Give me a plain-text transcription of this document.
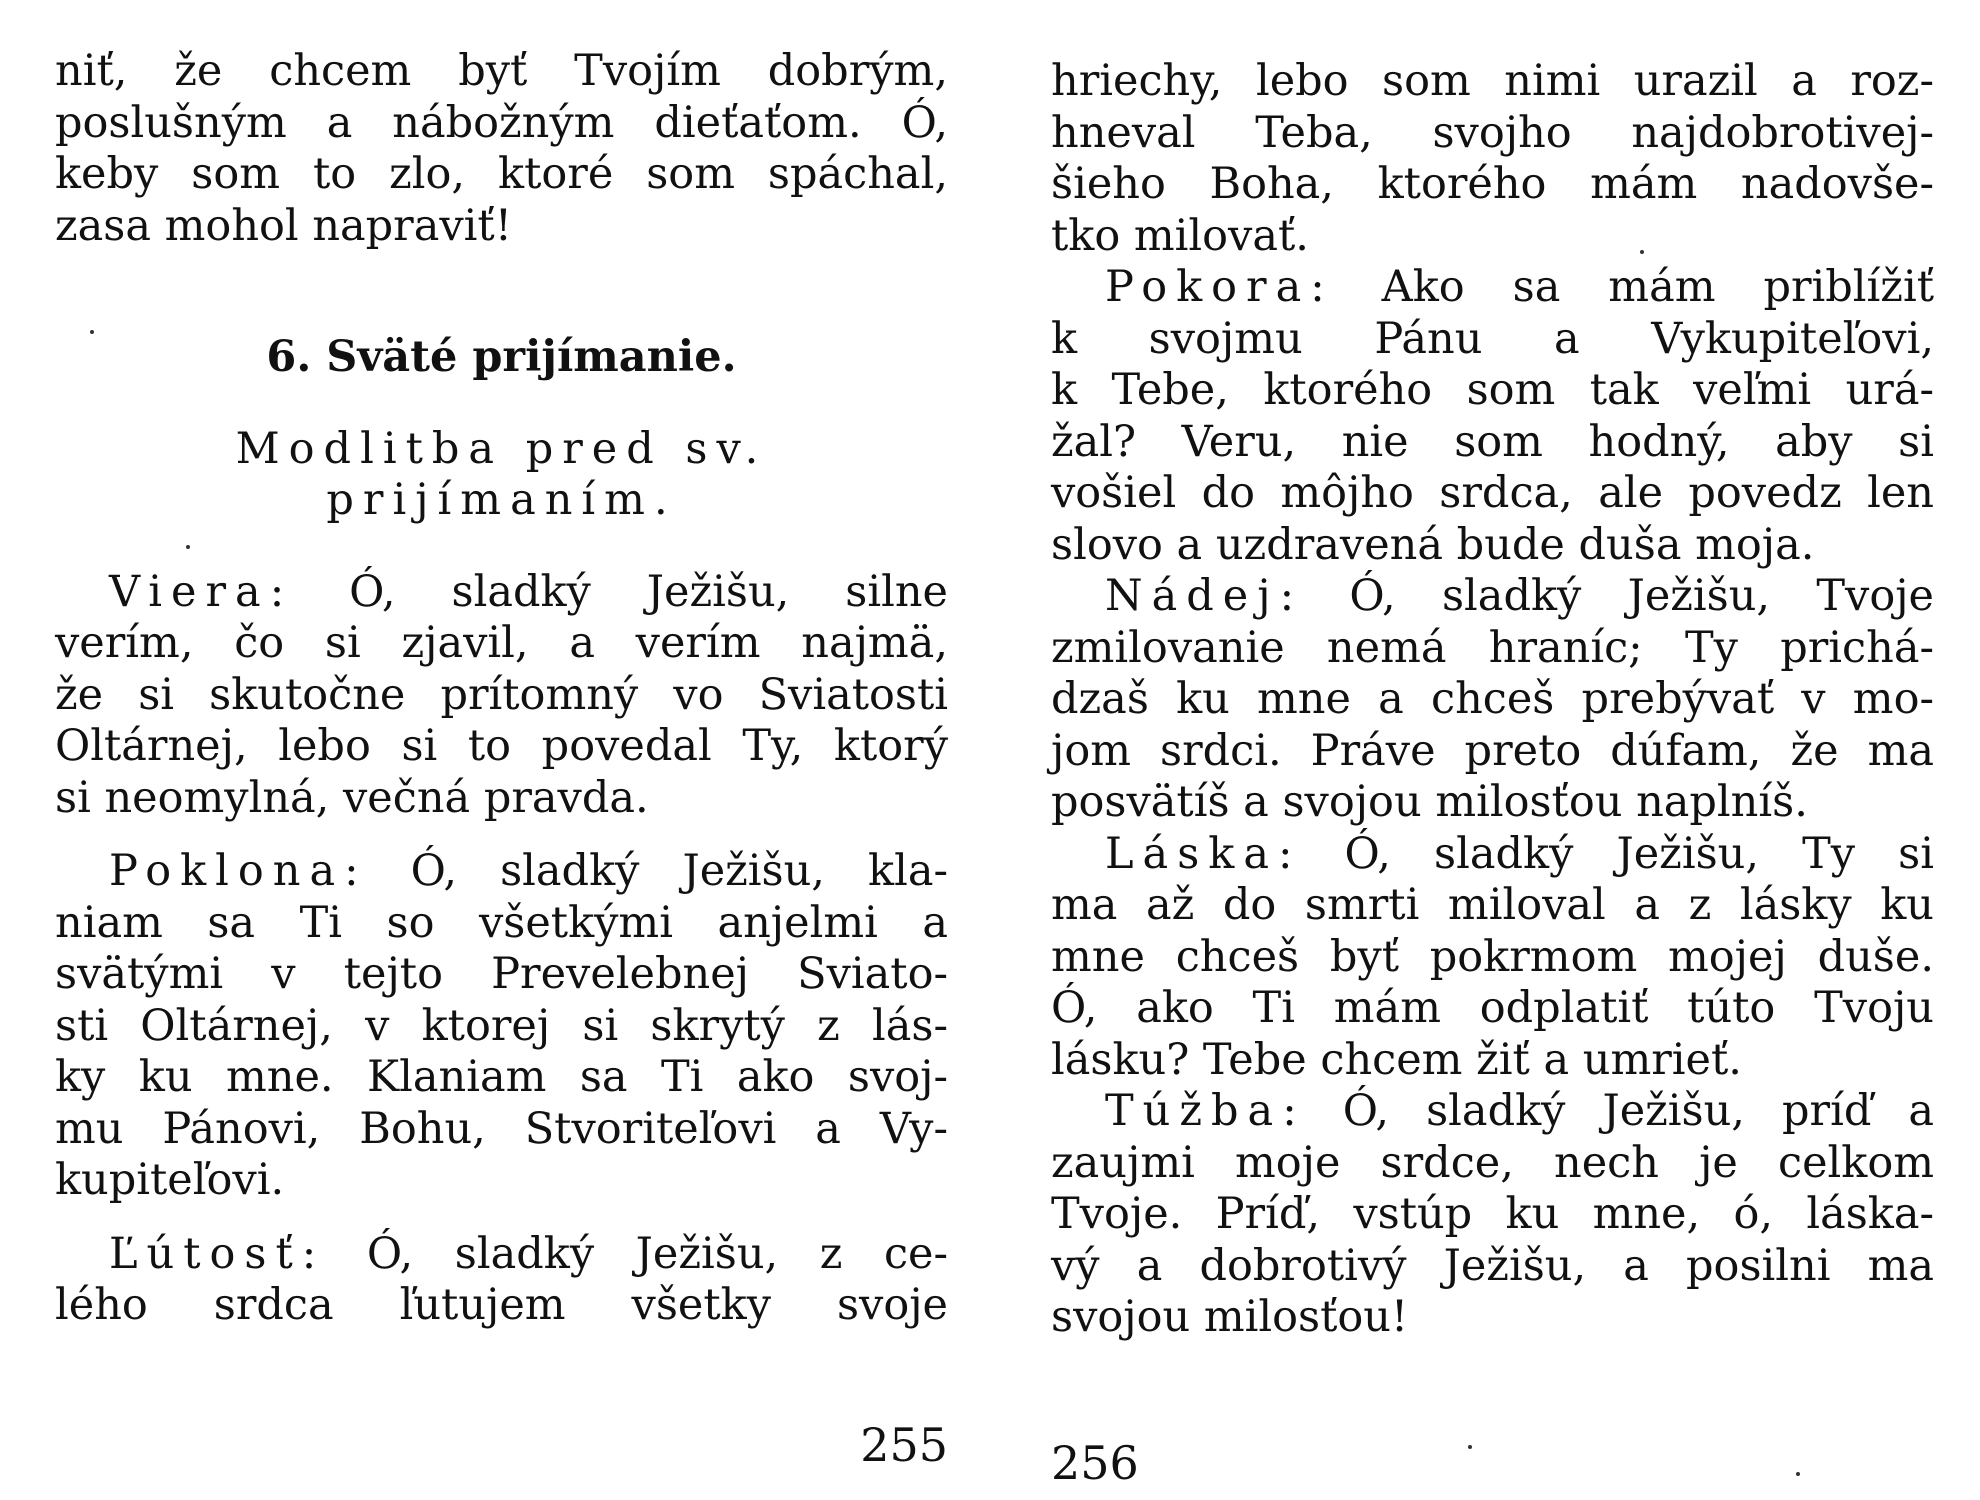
niť, že chcem byť Tvojím dobrým,
poslušným a nábožným dieťaťom. Ó,
keby som to zlo, ktoré som spáchal,
zasa mohol napraviť!
6. Sväté prijímanie.
Modlitba pred sv.
prijímaním.
Viera: Ó, sladký Ježišu, silne
verím, čo si zjavil, a verím najmä,
že si skutočne prítomný vo Sviatosti
Oltárnej, lebo si to povedal Ty, ktorý
si neomylná, večná pravda.
Poklona: Ó, sladký Ježišu, kla-
niam sa Ti so všetkými anjelmi a
svätými v tejto Prevelebnej Sviato-
sti Oltárnej, v ktorej si skrytý z lás-
ky ku mne. Klaniam sa Ti ako svoj-
mu Pánovi, Bohu, Stvoriteľovi a Vy-
kupiteľovi.
Ľútosť: Ó, sladký Ježišu, z ce-
lého srdca ľutujem všetky svoje
255
hriechy, lebo som nimi urazil a roz-
hneval Teba, svojho najdobrotivej-
šieho Boha, ktorého mám nadovše-
tko milovať.
Pokora: Ako sa mám priblížiť
k svojmu Pánu a Vykupiteľovi,
k Tebe, ktorého som tak veľmi urá-
žal? Veru, nie som hodný, aby si
vošiel do môjho srdca, ale povedz len
slovo a uzdravená bude duša moja.
Nádej: Ó, sladký Ježišu, Tvoje
zmilovanie nemá hraníc; Ty prichá-
dzaš ku mne a chceš prebývať v mo-
jom srdci. Práve preto dúfam, že ma
posvätíš a svojou milosťou naplníš.
Láska: Ó, sladký Ježišu, Ty si
ma až do smrti miloval a z lásky ku
mne chceš byť pokrmom mojej duše.
Ó, ako Ti mám odplatiť túto Tvoju
lásku? Tebe chcem žiť a umrieť.
Túžba: Ó, sladký Ježišu, príď a
zaujmi moje srdce, nech je celkom
Tvoje. Príď, vstúp ku mne, ó, láska-
vý a dobrotivý Ježišu, a posilni ma
svojou milosťou!
256
